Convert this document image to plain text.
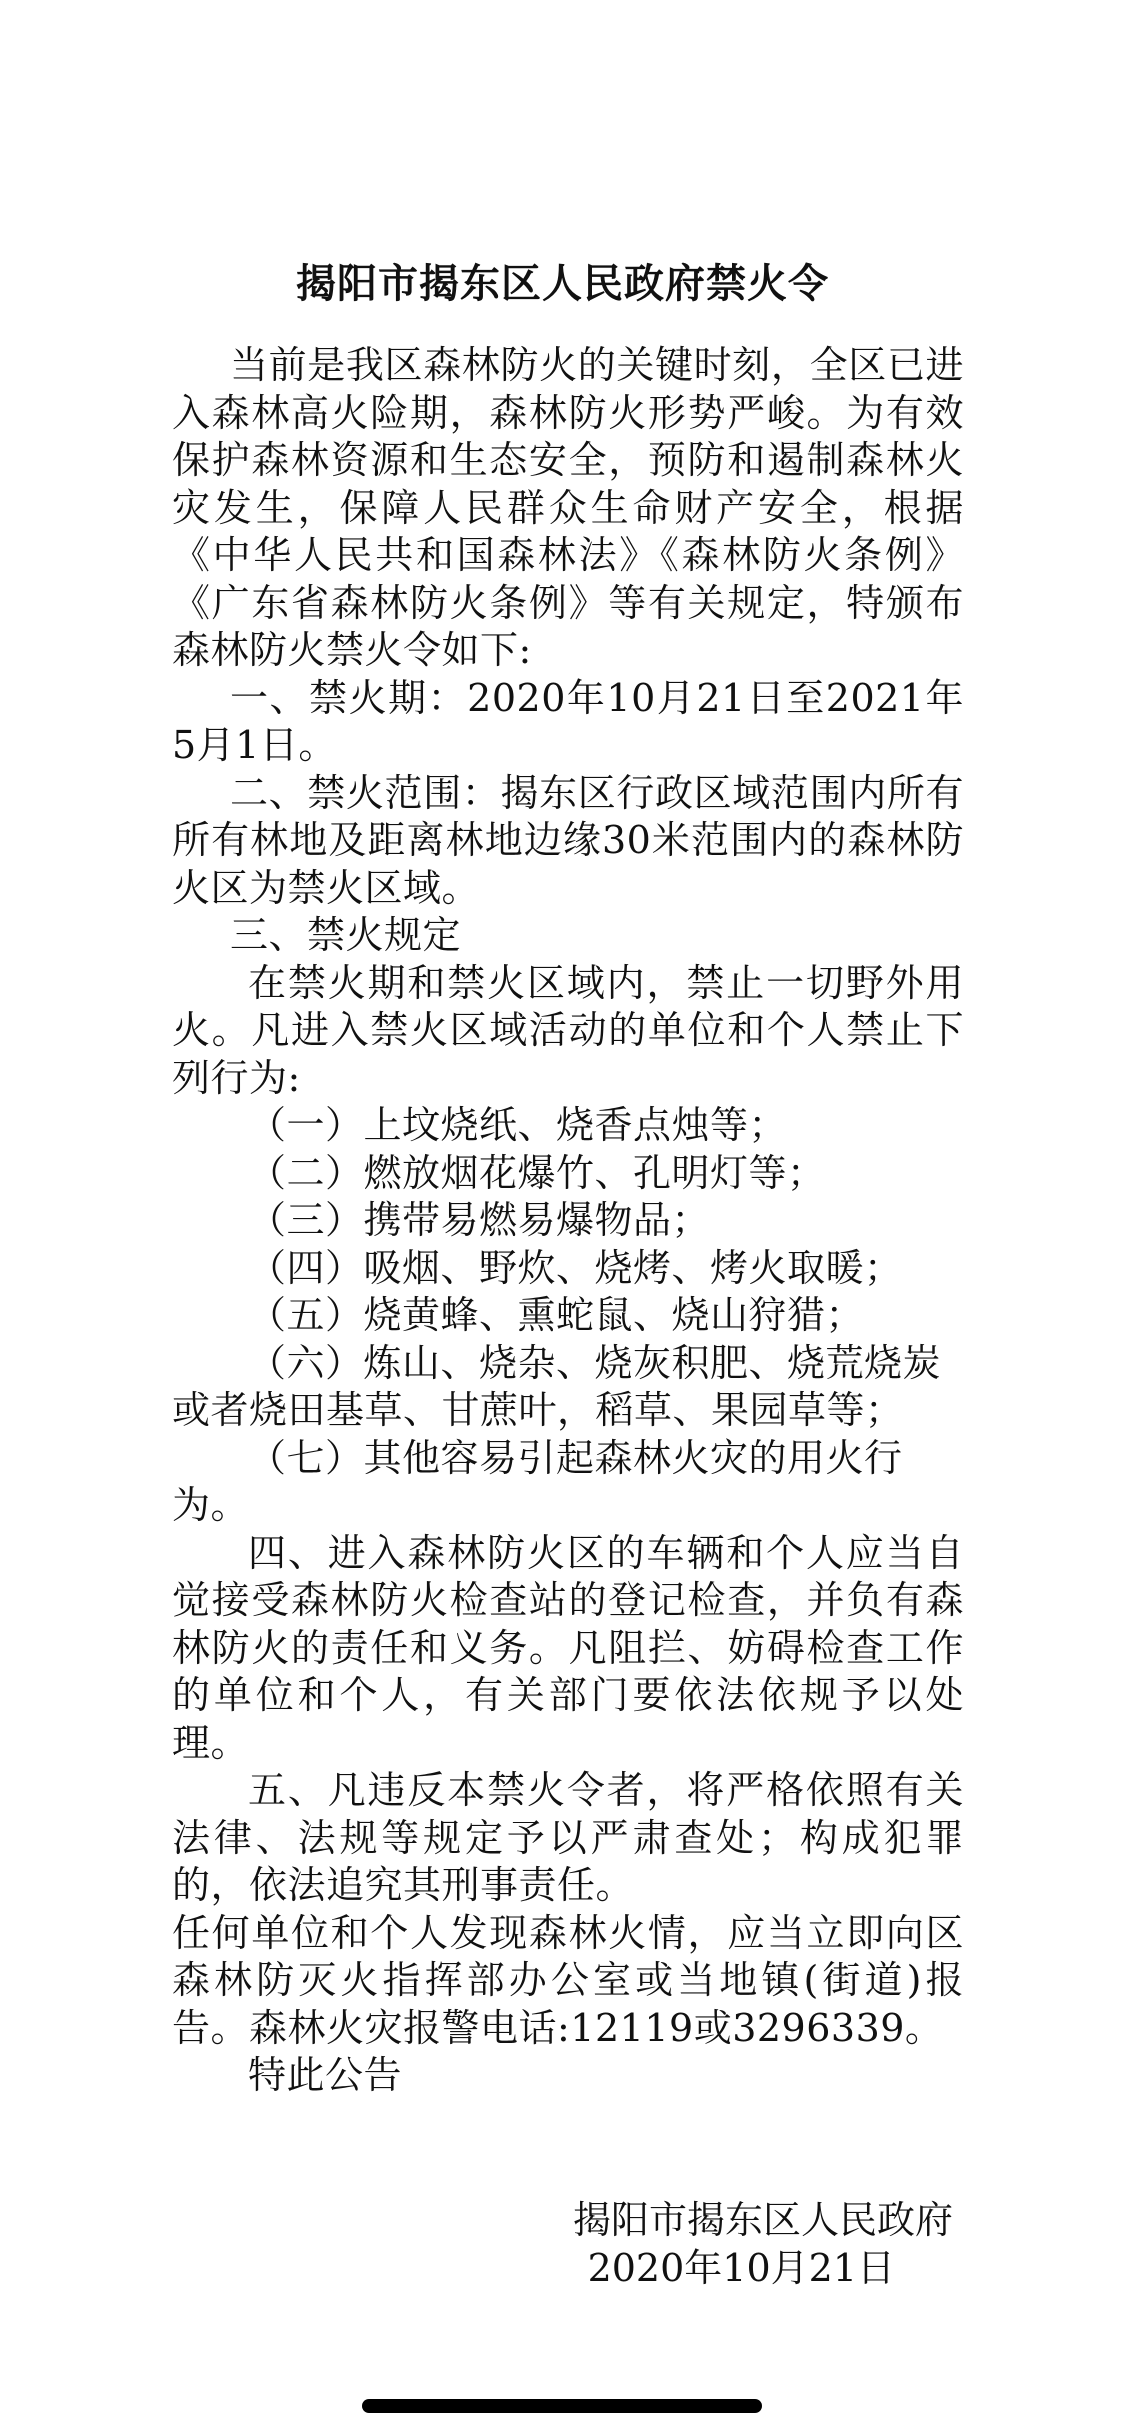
揭阳市揭东区人民政府禁火令

当前是我区森林防火的关键时刻，全区已进入森林高火险期，森林防火形势严峻。为有效保护森林资源和生态安全，预防和遏制森林火灾发生，保障人民群众生命财产安全，根据《中华人民共和国森林法》《森林防火条例》《广东省森林防火条例》等有关规定，特颁布森林防火禁火令如下:

一、禁火期：2020年10月21日至2021年5月1日。

二、禁火范围：揭东区行政区域范围内所有所有林地及距离林地边缘30米范围内的森林防火区为禁火区域。

三、禁火规定

在禁火期和禁火区域内，禁止一切野外用火。凡进入禁火区域活动的单位和个人禁止下列行为:

（一）上坟烧纸、烧香点烛等；

（二）燃放烟花爆竹、孔明灯等；

（三）携带易燃易爆物品；

（四）吸烟、野炊、烧烤、烤火取暖；

（五）烧黄蜂、熏蛇鼠、烧山狩猎；

（六）炼山、烧杂、烧灰积肥、烧荒烧炭或者烧田基草、甘蔗叶，稻草、果园草等；

（七）其他容易引起森林火灾的用火行为。

四、进入森林防火区的车辆和个人应当自觉接受森林防火检查站的登记检查，并负有森林防火的责任和义务。凡阻拦、妨碍检查工作的单位和个人，有关部门要依法依规予以处理。

五、凡违反本禁火令者，将严格依照有关法律、法规等规定予以严肃查处；构成犯罪的，依法追究其刑事责任。

任何单位和个人发现森林火情，应当立即向区森林防灭火指挥部办公室或当地镇(街道)报告。森林火灾报警电话:12119或3296339。

特此公告

揭阳市揭东区人民政府
2020年10月21日
